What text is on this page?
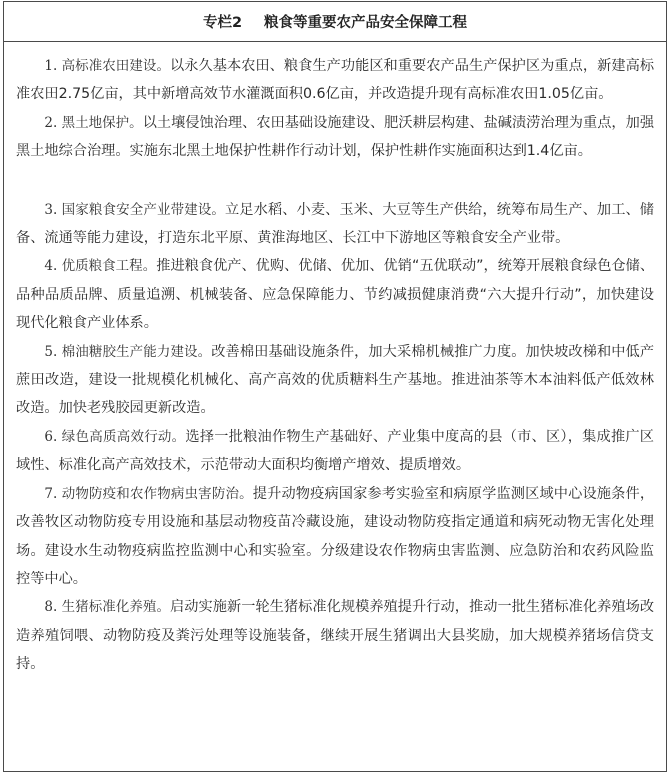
专栏2 粮食等重要农产品安全保障工程

1. 高标准农田建设。以永久基本农田、粮食生产功能区和重要农产品生产保护区为重点，新建高标准农田2.75亿亩，其中新增高效节水灌溉面积0.6亿亩，并改造提升现有高标准农田1.05亿亩。

2. 黑土地保护。以土壤侵蚀治理、农田基础设施建设、肥沃耕层构建、盐碱渍涝治理为重点，加强黑土地综合治理。实施东北黑土地保护性耕作行动计划，保护性耕作实施面积达到1.4亿亩。

3. 国家粮食安全产业带建设。立足水稻、小麦、玉米、大豆等生产供给，统筹布局生产、加工、储备、流通等能力建设，打造东北平原、黄淮海地区、长江中下游地区等粮食安全产业带。

4. 优质粮食工程。推进粮食优产、优购、优储、优加、优销“五优联动”，统筹开展粮食绿色仓储、品种品质品牌、质量追溯、机械装备、应急保障能力、节约减损健康消费“六大提升行动”，加快建设现代化粮食产业体系。

5. 棉油糖胶生产能力建设。改善棉田基础设施条件，加大采棉机械推广力度。加快坡改梯和中低产蔗田改造，建设一批规模化机械化、高产高效的优质糖料生产基地。推进油茶等木本油料低产低效林改造。加快老残胶园更新改造。

6. 绿色高质高效行动。选择一批粮油作物生产基础好、产业集中度高的县（市、区），集成推广区域性、标准化高产高效技术，示范带动大面积均衡增产增效、提质增效。

7. 动物防疫和农作物病虫害防治。提升动物疫病国家参考实验室和病原学监测区域中心设施条件，改善牧区动物防疫专用设施和基层动物疫苗冷藏设施，建设动物防疫指定通道和病死动物无害化处理场。建设水生动物疫病监控监测中心和实验室。分级建设农作物病虫害监测、应急防治和农药风险监控等中心。

8. 生猪标准化养殖。启动实施新一轮生猪标准化规模养殖提升行动，推动一批生猪标准化养殖场改造养殖饲喂、动物防疫及粪污处理等设施装备，继续开展生猪调出大县奖励，加大规模养猪场信贷支持。
